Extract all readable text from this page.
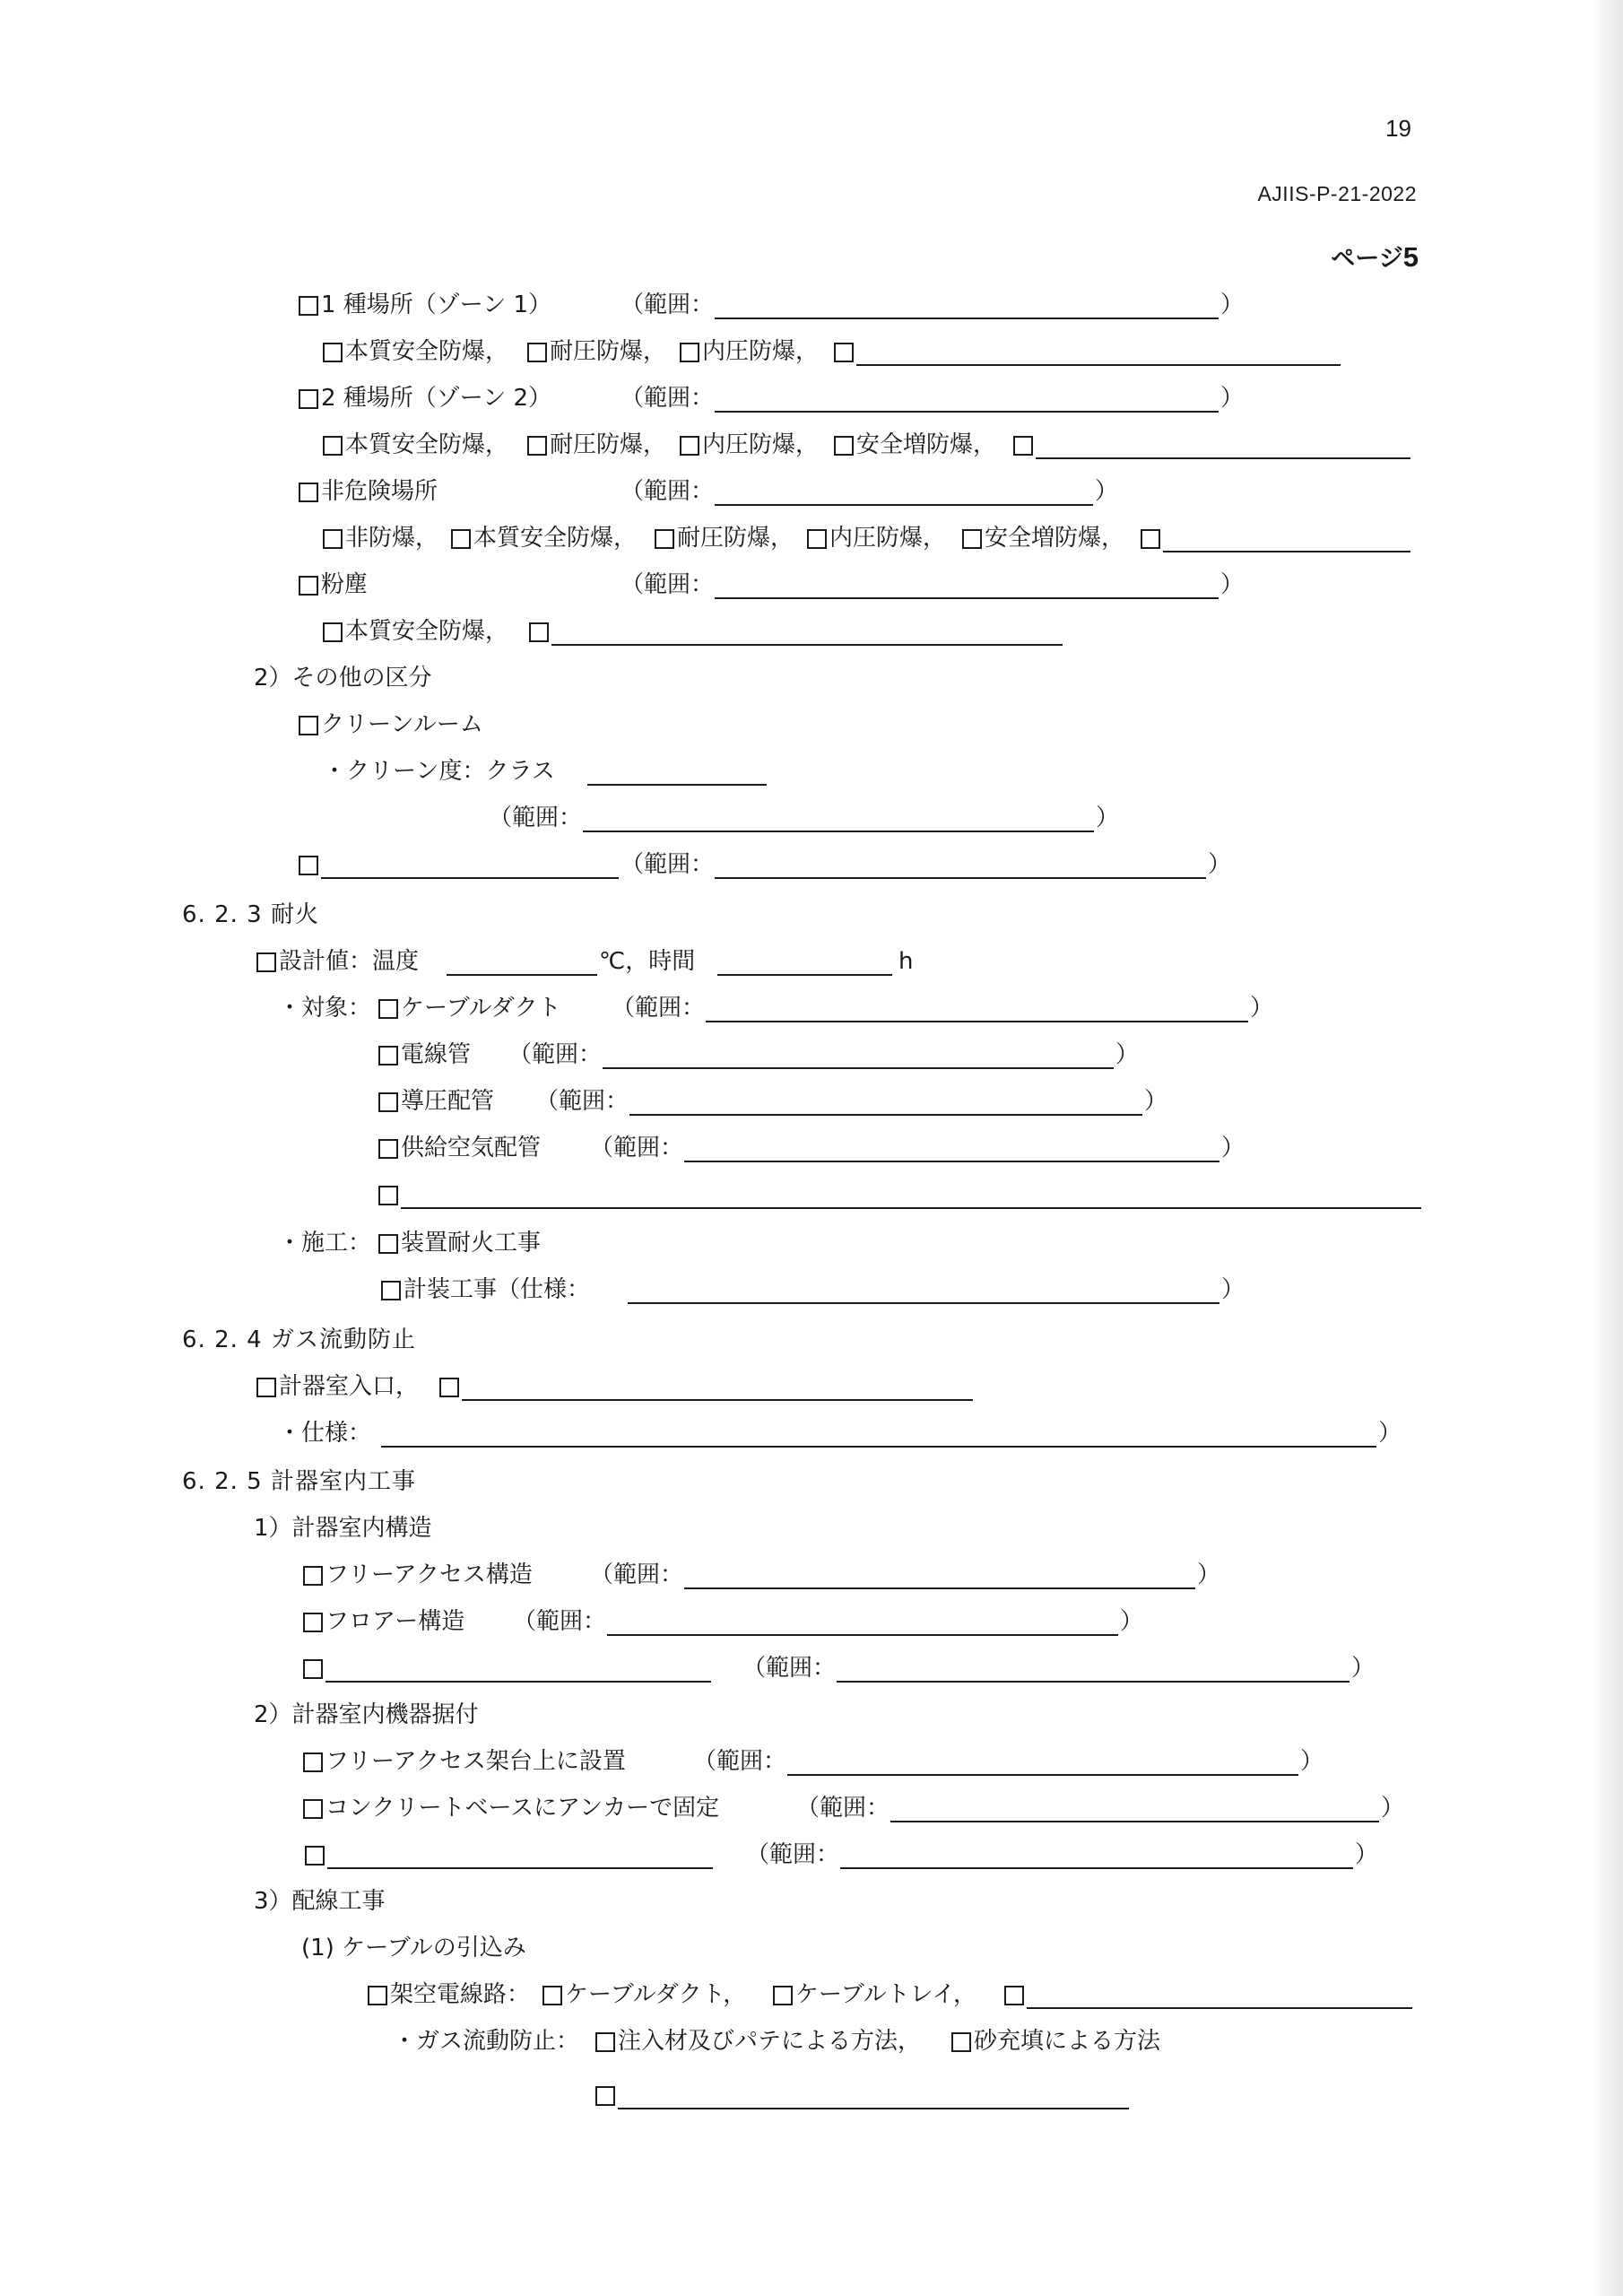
19
AJIIS-P-21-2022
ページ5
1 種場所（ゾーン 1）	（範囲：	）
本質安全防爆， 耐圧防爆， 内圧防爆，
2 種場所（ゾーン 2）	（範囲：	）
本質安全防爆， 耐圧防爆， 内圧防爆， 安全増防爆，
非危険場所	（範囲：	）
非防爆， 本質安全防爆， 耐圧防爆， 内圧防爆， 安全増防爆，
粉塵	（範囲：	）
本質安全防爆，
2）その他の区分
クリーンルーム
・クリーン度：クラス
（範囲：	）
（範囲：	）
6. 2. 3 耐火
設計値：温度	℃，時間	h
・対象： ケーブルダクト （範囲：	）
電線管 （範囲：	）
導圧配管 （範囲：	）
供給空気配管 （範囲：	）
・施工： 装置耐火工事
計装工事（仕様：	）
6. 2. 4 ガス流動防止
計器室入口，
・仕様：	）
6. 2. 5 計器室内工事
1）計器室内構造
フリーアクセス構造 （範囲：	）
フロアー構造 （範囲：	）
（範囲：	）
2）計器室内機器据付
フリーアクセス架台上に設置	（範囲：	）
コンクリートベースにアンカーで固定	（範囲：	）
（範囲：	）
3）配線工事
(1) ケーブルの引込み
架空電線路： ケーブルダクト， ケーブルトレイ，
・ガス流動防止： 注入材及びパテによる方法， 砂充填による方法
